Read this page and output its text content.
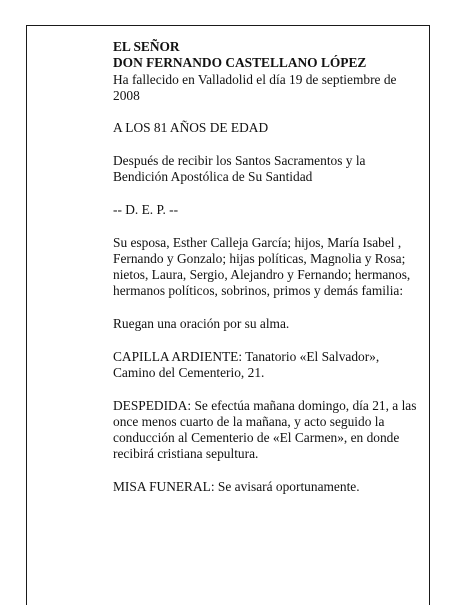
EL SEÑOR

DON FERNANDO CASTELLANO LÓPEZ

Ha fallecido en Valladolid el día 19 de septiembre de 2008

A LOS 81 AÑOS DE EDAD

Después de recibir los Santos Sacramentos y la Bendición Apostólica de Su Santidad

-- D. E. P. --

Su esposa, Esther Calleja García; hijos, María Isabel , Fernando y Gonzalo; hijas políticas, Magnolia y Rosa; nietos, Laura, Sergio, Alejandro y Fernando; hermanos, hermanos políticos, sobrinos, primos y demás familia:

Ruegan una oración por su alma.

CAPILLA ARDIENTE: Tanatorio «El Salvador», Camino del Cementerio, 21.

DESPEDIDA: Se efectúa mañana domingo, día 21, a las once menos cuarto de la mañana, y acto seguido la conducción al Cementerio de «El Carmen», en donde recibirá cristiana sepultura.

MISA FUNERAL: Se avisará oportunamente.
